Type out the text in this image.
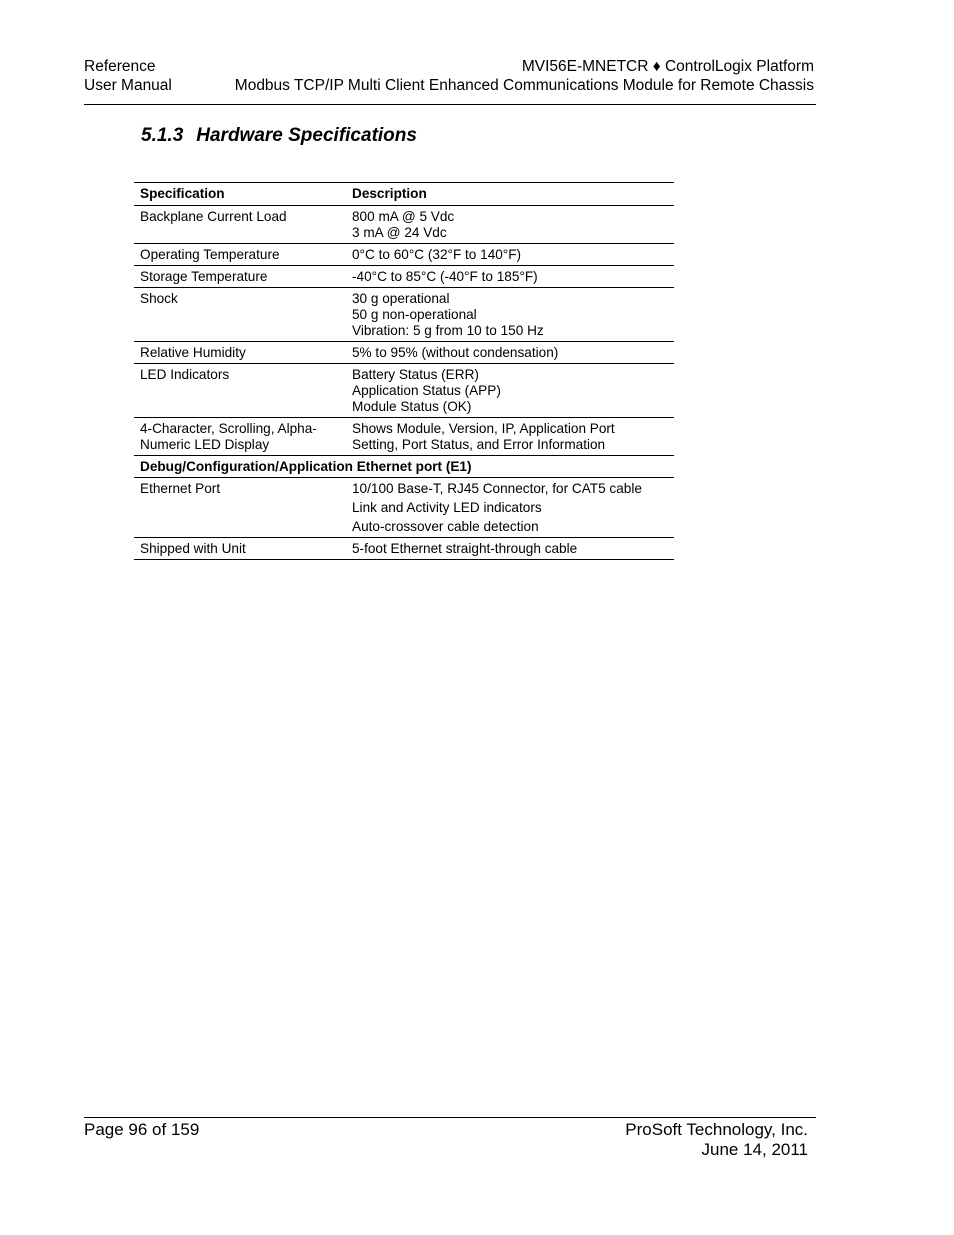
Reference
User Manual
MVI56E-MNETCR ♦ ControlLogix Platform
Modbus TCP/IP Multi Client Enhanced Communications Module for Remote Chassis
5.1.3 Hardware Specifications
Specification	Description

Backplane Current Load	800 mA @ 5 Vdc
3 mA @ 24 Vdc

Operating Temperature	0°C to 60°C (32°F to 140°F)

Storage Temperature	-40°C to 85°C (-40°F to 185°F)

Shock	30 g operational
50 g non-operational
Vibration: 5 g from 10 to 150 Hz

Relative Humidity	5% to 95% (without condensation)

LED Indicators	Battery Status (ERR)
Application Status (APP)
Module Status (OK)

4-Character, Scrolling, Alpha-
Numeric LED Display	Shows Module, Version, IP, Application Port
Setting, Port Status, and Error Information

Debug/Configuration/Application Ethernet port (E1)	

Ethernet Port	10/100 Base-T, RJ45 Connector, for CAT5 cable
Link and Activity LED indicators
Auto-crossover cable detection

Shipped with Unit	5-foot Ethernet straight-through cable
Page 96 of 159	ProSoft Technology, Inc.
June 14, 2011
